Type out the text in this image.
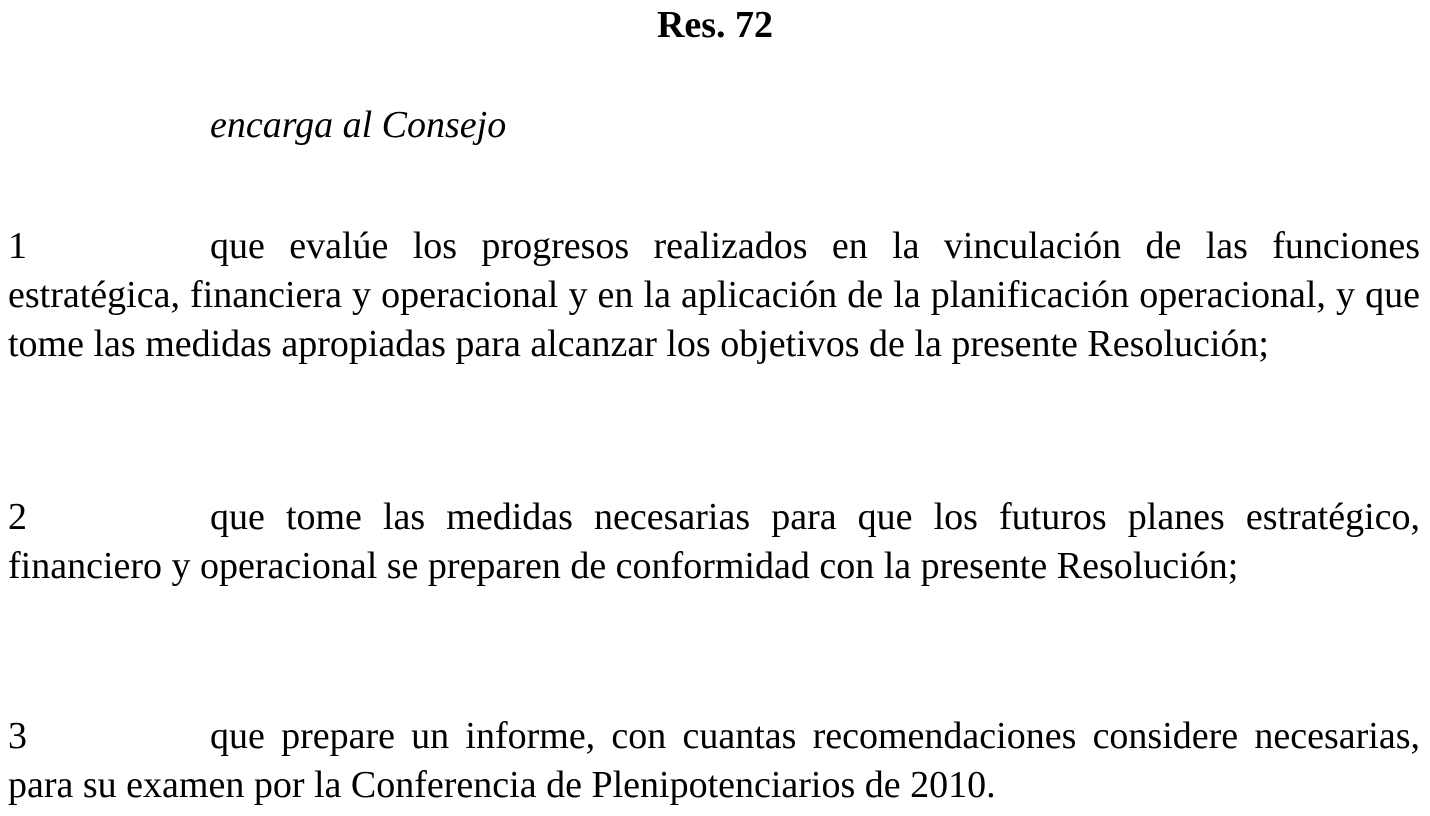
Res. 72
encarga al Consejo
1	que evalúe los progresos realizados en la vinculación de las funciones estratégica, financiera y operacional y en la aplicación de la planificación operacional, y que tome las medidas apropiadas para alcanzar los objetivos de la presente Resolución;
2	que tome las medidas necesarias para que los futuros planes estratégico, financiero y operacional se preparen de conformidad con la presente Resolución;
3	que prepare un informe, con cuantas recomendaciones considere necesarias, para su examen por la Conferencia de Plenipotenciarios de 2010.
